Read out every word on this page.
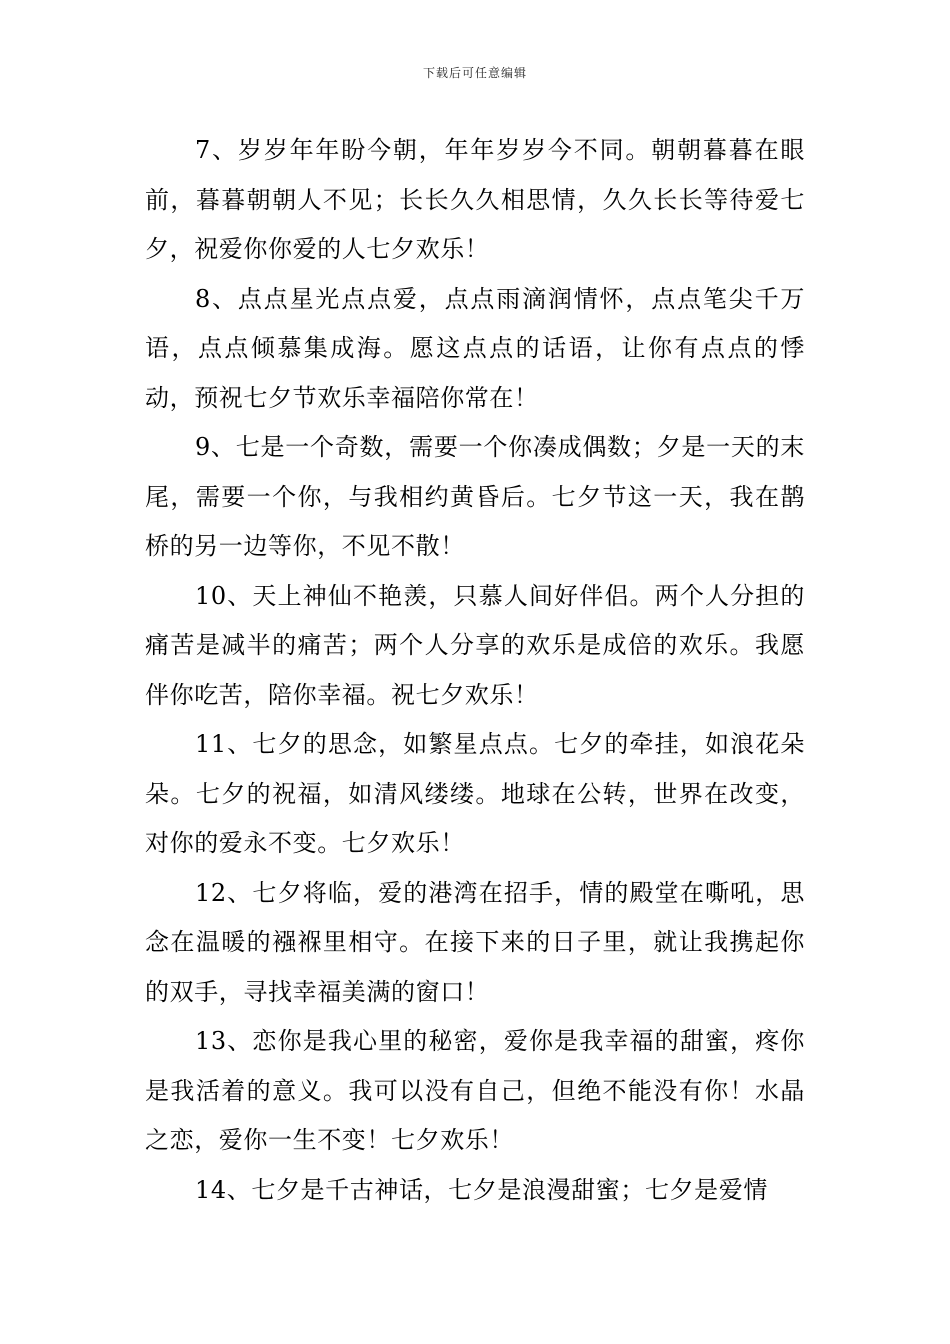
下载后可任意编辑

7、岁岁年年盼今朝，年年岁岁今不同。朝朝暮暮在眼前，暮暮朝朝人不见；长长久久相思情，久久长长等待爱七夕，祝爱你你爱的人七夕欢乐！

8、点点星光点点爱，点点雨滴润情怀，点点笔尖千万语，点点倾慕集成海。愿这点点的话语，让你有点点的悸动，预祝七夕节欢乐幸福陪你常在！

9、七是一个奇数，需要一个你凑成偶数；夕是一天的末尾，需要一个你，与我相约黄昏后。七夕节这一天，我在鹊桥的另一边等你，不见不散！

10、天上神仙不艳羡，只慕人间好伴侣。两个人分担的痛苦是减半的痛苦；两个人分享的欢乐是成倍的欢乐。我愿伴你吃苦，陪你幸福。祝七夕欢乐！

11、七夕的思念，如繁星点点。七夕的牵挂，如浪花朵朵。七夕的祝福，如清风缕缕。地球在公转，世界在改变，对你的爱永不变。七夕欢乐！

12、七夕将临，爱的港湾在招手，情的殿堂在嘶吼，思念在温暖的襁褓里相守。在接下来的日子里，就让我携起你的双手，寻找幸福美满的窗口！

13、恋你是我心里的秘密，爱你是我幸福的甜蜜，疼你是我活着的意义。我可以没有自己，但绝不能没有你！水晶之恋，爱你一生不变！七夕欢乐！

14、七夕是千古神话，七夕是浪漫甜蜜；七夕是爱情
